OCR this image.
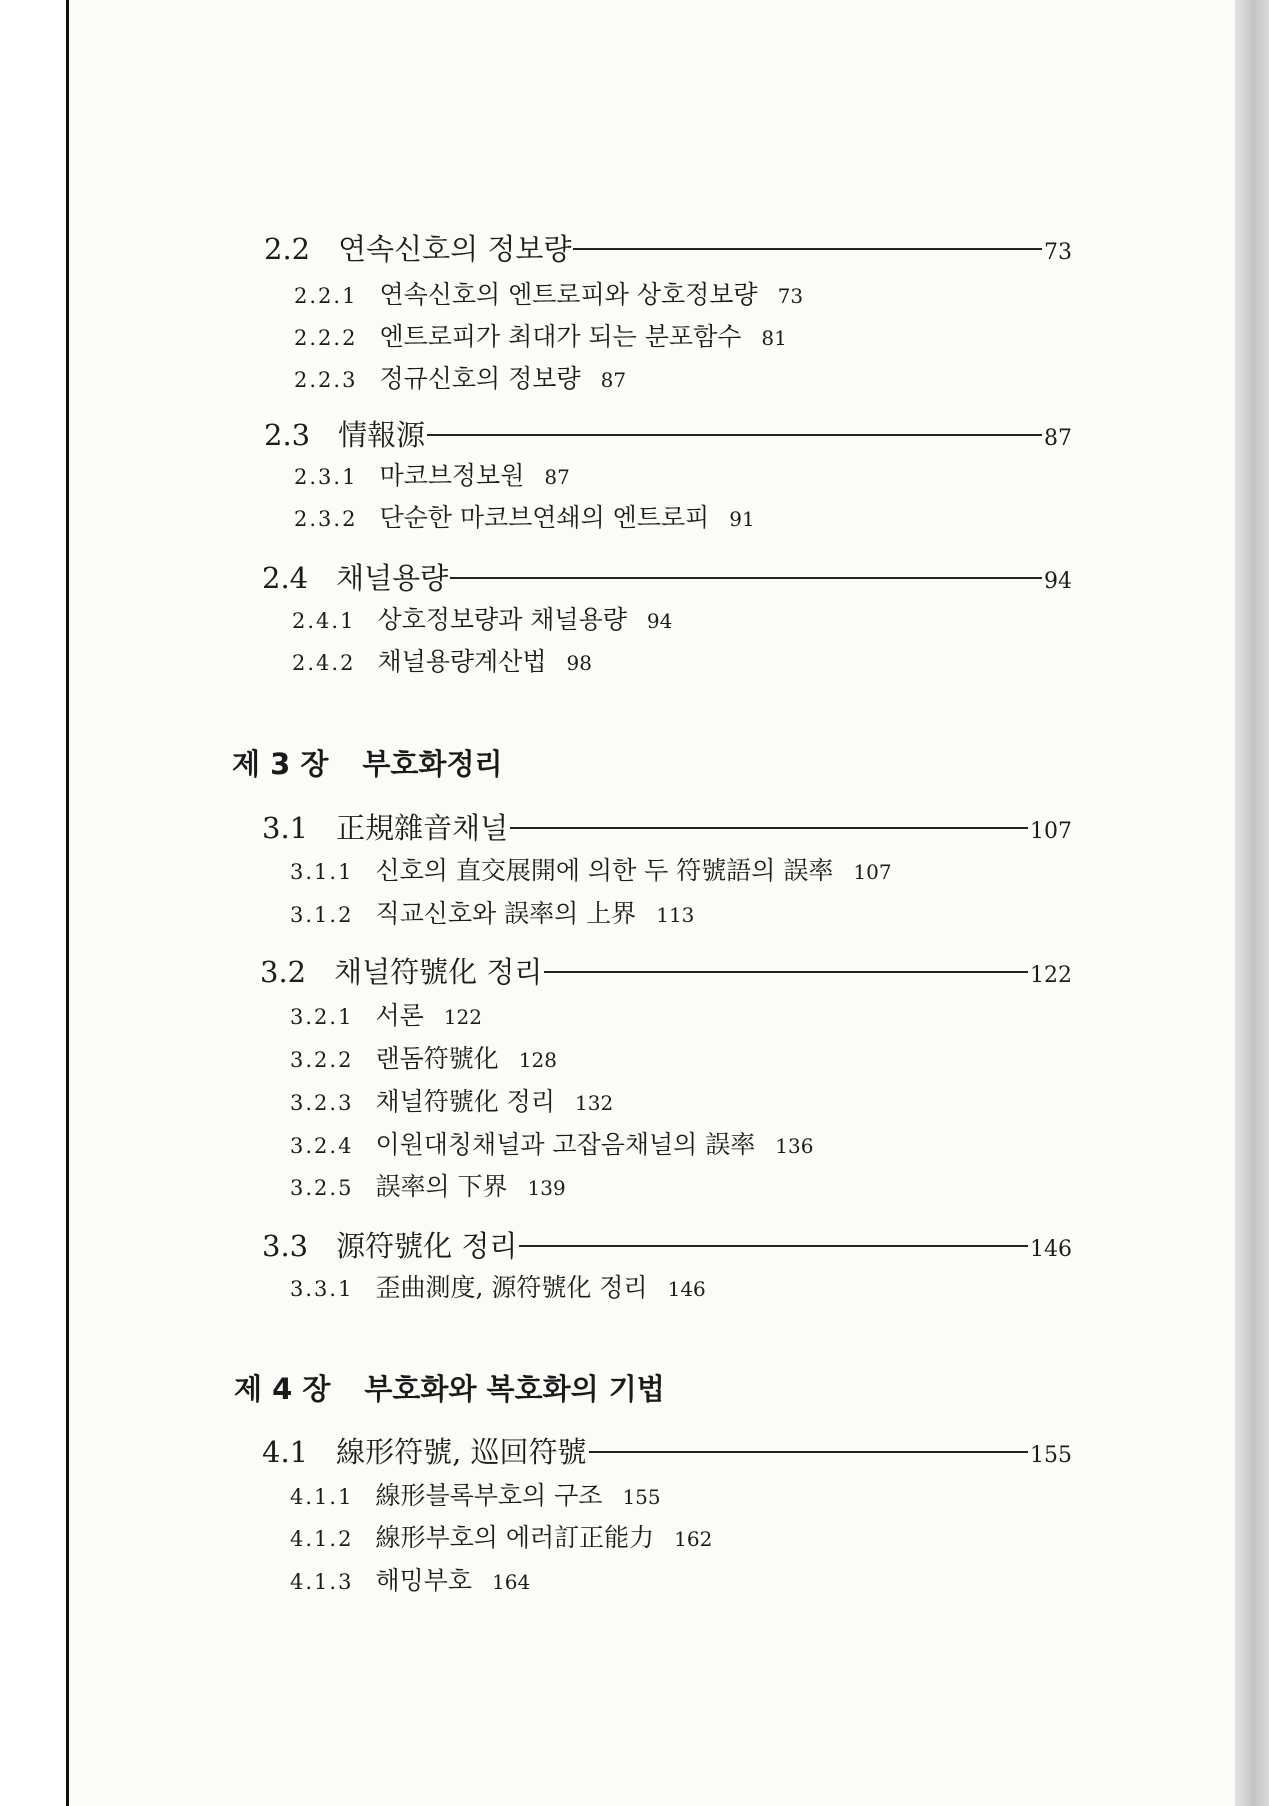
2.2 연속신호의 정보량	73
2.2.1 연속신호의 엔트로피와 상호정보량 73
2.2.2 엔트로피가 최대가 되는 분포함수 81
2.2.3 정규신호의 정보량 87
2.3 情報源	87
2.3.1 마코브정보원 87
2.3.2 단순한 마코브연쇄의 엔트로피 91
2.4 채널용량	94
2.4.1 상호정보량과 채널용량 94
2.4.2 채널용량계산법 98
제 3 장 부호화정리
3.1 正規雜音채널	107
3.1.1 신호의 直交展開에 의한 두 符號語의 誤率 107
3.1.2 직교신호와 誤率의 上界 113
3.2 채널符號化 정리	122
3.2.1 서론 122
3.2.2 랜돔符號化 128
3.2.3 채널符號化 정리 132
3.2.4 이원대칭채널과 고잡음채널의 誤率 136
3.2.5 誤率의 下界 139
3.3 源符號化 정리	146
3.3.1 歪曲測度, 源符號化 정리 146
제 4 장 부호화와 복호화의 기법
4.1 線形符號, 巡回符號	155
4.1.1 線形블록부호의 구조 155
4.1.2 線形부호의 에러訂正能力 162
4.1.3 해밍부호 164
